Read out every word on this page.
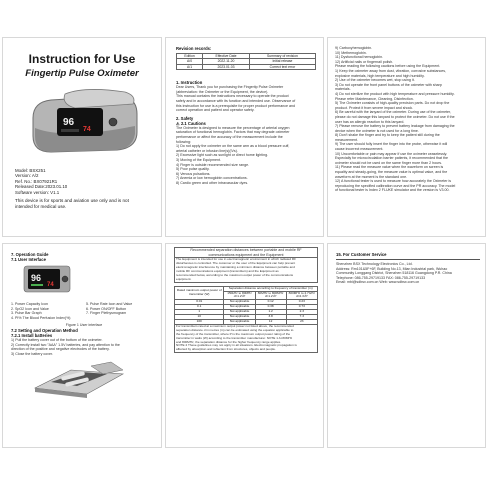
Instruction for Use
Fingertip Pulse Oximeter
96
74
Model: BSX251
Version: A/2
Ref. No.: BX07921R1
Released Date:2023.01.10
Software version: V1.1
This device is for sports and aviation use only and is not intended for medical use.
Revision records:
Edition	Effective Date	Summary of revision
A/0	2022.11.20	Initial release
A/1	2023.01.03	Correct text error
1. Instruction
Dear Users, Thank you for purchasing the Fingertip Pulse Oximeter
(abbreviation: the Oximeter or the Equipment, the device).
This manual contains the instructions necessary to operate the product
safely and in accordance with its function and intended use. Observance of
this instruction for use is a prerequisite for proper product performance and
correct operation and patient and operator safety.
2. Safety
⚠ 2.1 Cautions
The Oximeter is designed to measure the percentage of arterial oxygen
saturation of functional hemoglobin. Factors that may degrade oximeter
performance or affect the accuracy of the measurement include the
following:
1) Do not apply the oximeter on the same arm as a blood pressure cuff,
arterial catheter or infusion line(s)(IVs).
2) Excessive light such as sunlight or direct home lighting.
3) Moving of the Equipment.
4) Finger is outside recommended size range.
5) Poor pulse quality.
6) Venous pulsations.
7) Anemia or low hemoglobin concentrations.
8) Cardio green and other intravascular dyes.
9) Carboxyhemoglobin.
10) Methemoglobin.
11) Dysfunctional hemoglobin.
12) Artificial nails or fingernail polish.
Please reading the following cautions before using the Equipment.
1) Keep the oximeter away from dust, vibration, corrosive substances,
explosive materials, high temperature and high humidity.
2) Use of the oximeter becomes wet, stop using it.
3) Do not operate the front panel buttons of the oximeter with sharp
materials.
4) Do not sterilize the product with high temperature and pressure humidity.
Please refer Maintenance, Cleaning, Disinfection.
5) The Oximeter consists of high-quality precision parts. Do not drop the
product. Protect it from severe impact and shock.
6) Be careful with the lanyard of the oximeter. During use of the oximeter,
please do not damage this lanyard to protect the oximeter. Do not use if the
user has an allergic reaction to this lanyard.
7) Please remove the battery to prevent battery leakage from damaging the
device when the oximeter is not used for a long time.
8) Don't shake the finger and try to keep the patient still during the
measurement.
9) The user should fully insert the finger into the probe, otherwise it will
cause incorrect measurement.
10) Uncomfortable or pain may appear if use the oximeter ceaselessly.
Especially for microcirculation barrier patients, it recommended that the
oximeter should not be used on the same finger more than 2 hours.
11) Please read the measure value when the waveform on screen is
equality and steady-going, the measure value is optimal value, and the
waveform at the moment is the standard one.
12) A functional tester is used to measure how accurately the Oximeter is
reproducing the specified calibration curve and the PR accuracy. The model
of functional tester is Index 2 FLUKE simulator and the version is V3.00.
7. Operation Guide
7.1 User Interface
96
74
1. Power Capacity Icon	5. Pulse Rate Icon and Value
2. SpO2 Icon and Value	6. Power ON/OFF Button
3. Pulse Bar Graph	7. Finger Plethysmogram
4. PI% The Blood Perfusion Index(%)
Figure 1 User interface
7.2 Setting and Operation Method
7.2.1 Install batteries
1) Pull the battery cover out of the bottom of the oximeter.
2) Correctly install two "AAA" 1.5V batteries, and pay attention to the
direction of the positive and negative electrodes of the battery.
3) Close the battery cover.
Recommended separation distances between portable and mobile RF
communications equipment and the Equipment
The Equipment is intended for use in electromagnetic environment in which radiated RF
disturbances is controlled. The customer or the user of the Equipment can help prevent
electromagnetic interference by maintaining a minimum distance between portable and
mobile RF communications equipment (transmitters) and the Equipment as
recommended below, according to the maximum output power of the communications
equipment.
Rated maximum output power of transmitter (W)	Separation distance according to frequency of transmitter (m)		
	150kHz to 80MHz d=1.2√P	80MHz to 800MHz d=1.2√P	800MHz to 2.7GHz d=2.3√P
0.01	Not applicable	0.12	0.23
0.1	Not applicable	0.38	0.73
1	Not applicable	1.2	2.3
10	Not applicable	3.8	7.3
100	Not applicable	12	23
For transmitters rated at a maximum output power not listed above, the recommended
separation distance d in metres (m) can be estimated using the equation applicable to
the frequency of the transmitter, where P is the maximum output power rating of the
transmitter in watts (W) according to the transmitter manufacturer. NOTE 1 At 80MHz
and 800MHz, the separation distance for the higher frequency range applies.
NOTE 2 These guidelines may not apply in all situations. Electromagnetic propagation is
affected by absorption and reflection from structures, objects and people.
15. For Customer Service
Shenzhen BSX Technology Electronics Co., Ltd.
Address: Rm101&5F+6F, Building No.13, Mian Industrial park, Wuhao
Community Longgang District, Shenzhen 518116 Guangdong P.R. China
Telephone: 086-755-29719133 FAX: 086-755-29719133
Email: mbi@sdbsx.com.cn Web: www.sdbsx.com.cn
